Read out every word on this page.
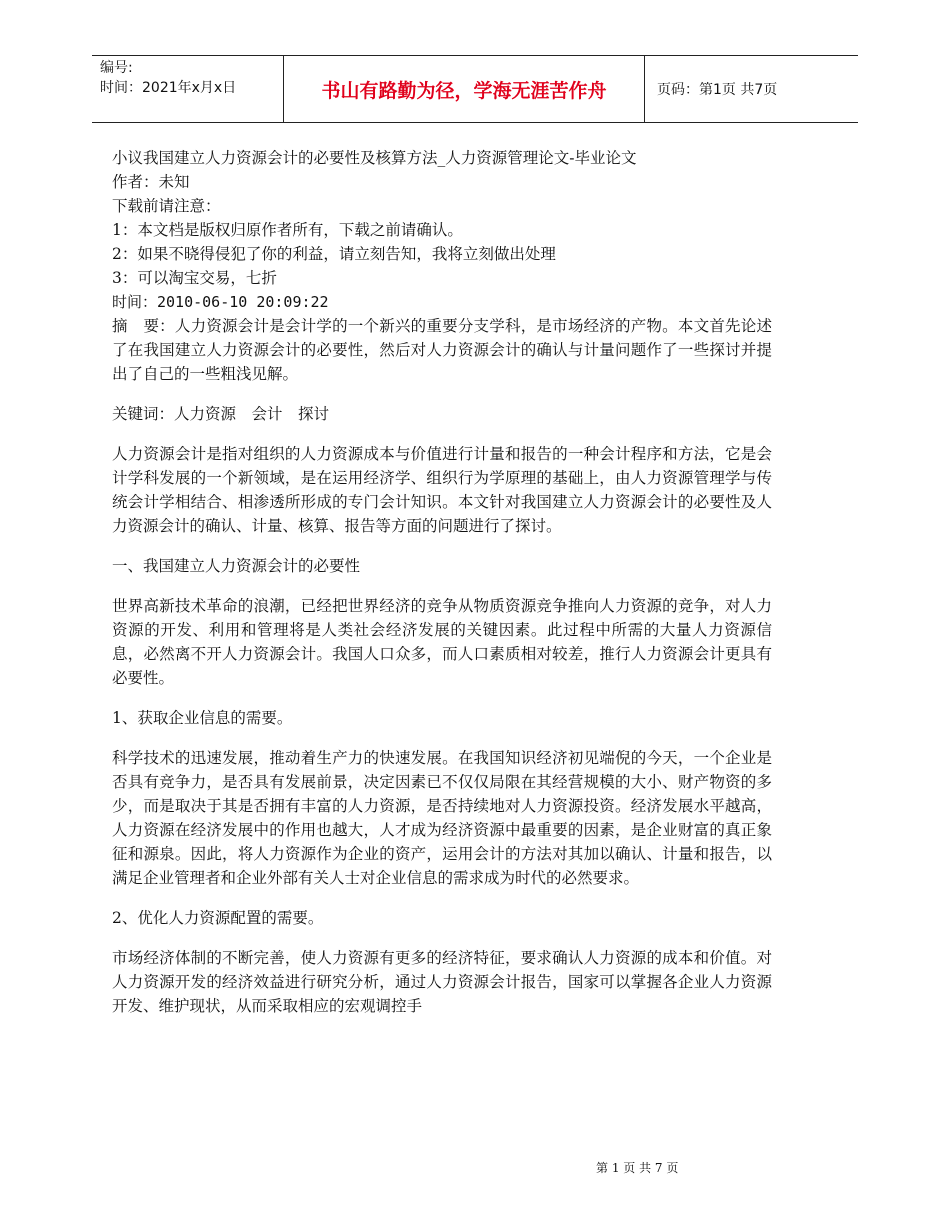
编号:
时间：2021年x月x日	书山有路勤为径，学海无涯苦作舟	页码：第1页 共7页

小议我国建立人力资源会计的必要性及核算方法_人力资源管理论文-毕业论文

作者：未知

下载前请注意：

1：本文档是版权归原作者所有，下载之前请确认。

2：如果不晓得侵犯了你的利益，请立刻告知，我将立刻做出处理

3：可以淘宝交易，七折

时间：2010-06-10 20:09:22

摘　要：人力资源会计是会计学的一个新兴的重要分支学科，是市场经济的产物。本文首先论述了在我国建立人力资源会计的必要性，然后对人力资源会计的确认与计量问题作了一些探讨并提出了自己的一些粗浅见解。

关键词：人力资源　会计　探讨

人力资源会计是指对组织的人力资源成本与价值进行计量和报告的一种会计程序和方法，它是会计学科发展的一个新领域，是在运用经济学、组织行为学原理的基础上，由人力资源管理学与传统会计学相结合、相渗透所形成的专门会计知识。本文针对我国建立人力资源会计的必要性及人力资源会计的确认、计量、核算、报告等方面的问题进行了探讨。

一、我国建立人力资源会计的必要性

世界高新技术革命的浪潮，已经把世界经济的竞争从物质资源竞争推向人力资源的竞争，对人力资源的开发、利用和管理将是人类社会经济发展的关键因素。此过程中所需的大量人力资源信息，必然离不开人力资源会计。我国人口众多，而人口素质相对较差，推行人力资源会计更具有必要性。

1、获取企业信息的需要。

科学技术的迅速发展，推动着生产力的快速发展。在我国知识经济初见端倪的今天，一个企业是否具有竞争力，是否具有发展前景，决定因素已不仅仅局限在其经营规模的大小、财产物资的多少，而是取决于其是否拥有丰富的人力资源，是否持续地对人力资源投资。经济发展水平越高，人力资源在经济发展中的作用也越大，人才成为经济资源中最重要的因素，是企业财富的真正象征和源泉。因此，将人力资源作为企业的资产，运用会计的方法对其加以确认、计量和报告，以满足企业管理者和企业外部有关人士对企业信息的需求成为时代的必然要求。

2、优化人力资源配置的需要。

市场经济体制的不断完善，使人力资源有更多的经济特征，要求确认人力资源的成本和价值。对人力资源开发的经济效益进行研究分析，通过人力资源会计报告，国家可以掌握各企业人力资源开发、维护现状，从而采取相应的宏观调控手

第 1 页 共 7 页
